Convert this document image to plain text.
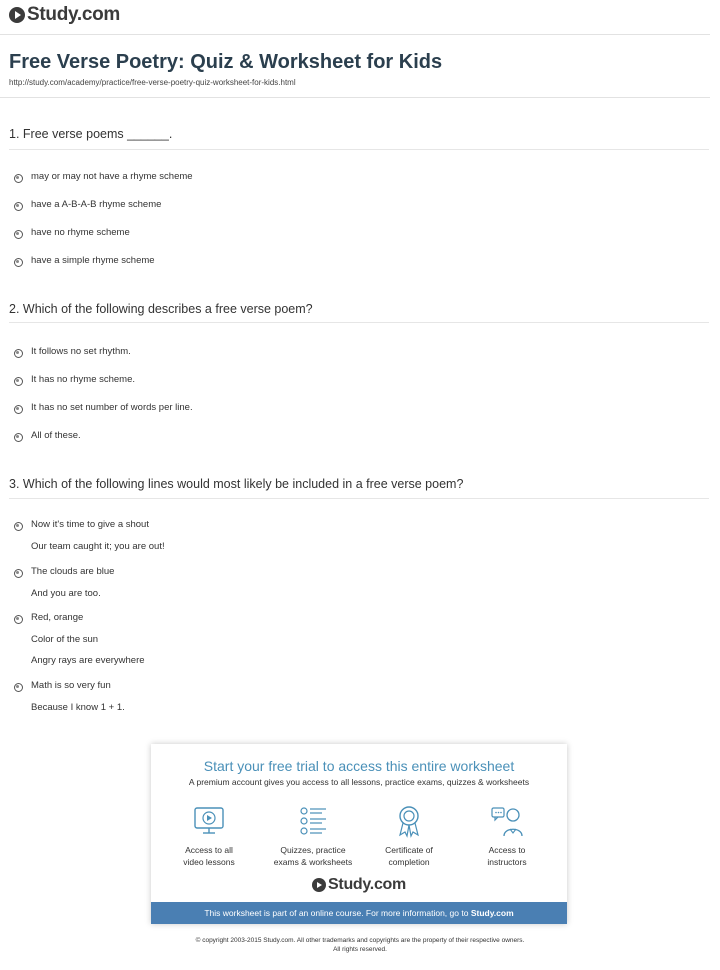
Study.com
Free Verse Poetry: Quiz & Worksheet for Kids
http://study.com/academy/practice/free-verse-poetry-quiz-worksheet-for-kids.html
1. Free verse poems ______.
may or may not have a rhyme scheme
have a A-B-A-B rhyme scheme
have no rhyme scheme
have a simple rhyme scheme
2. Which of the following describes a free verse poem?
It follows no set rhythm.
It has no rhyme scheme.
It has no set number of words per line.
All of these.
3. Which of the following lines would most likely be included in a free verse poem?
Now it's time to give a shout
Our team caught it; you are out!
The clouds are blue
And you are too.
Red, orange
Color of the sun
Angry rays are everywhere
Math is so very fun
Because I know 1 + 1.
Start your free trial to access this entire worksheet
A premium account gives you access to all lessons, practice exams, quizzes & worksheets
Access to all
video lessons
Quizzes, practice
exams & worksheets
Certificate of
completion
Access to
instructors
Study.com
This worksheet is part of an online course. For more information, go to Study.com
© copyright 2003-2015 Study.com. All other trademarks and copyrights are the property of their respective owners.
All rights reserved.
